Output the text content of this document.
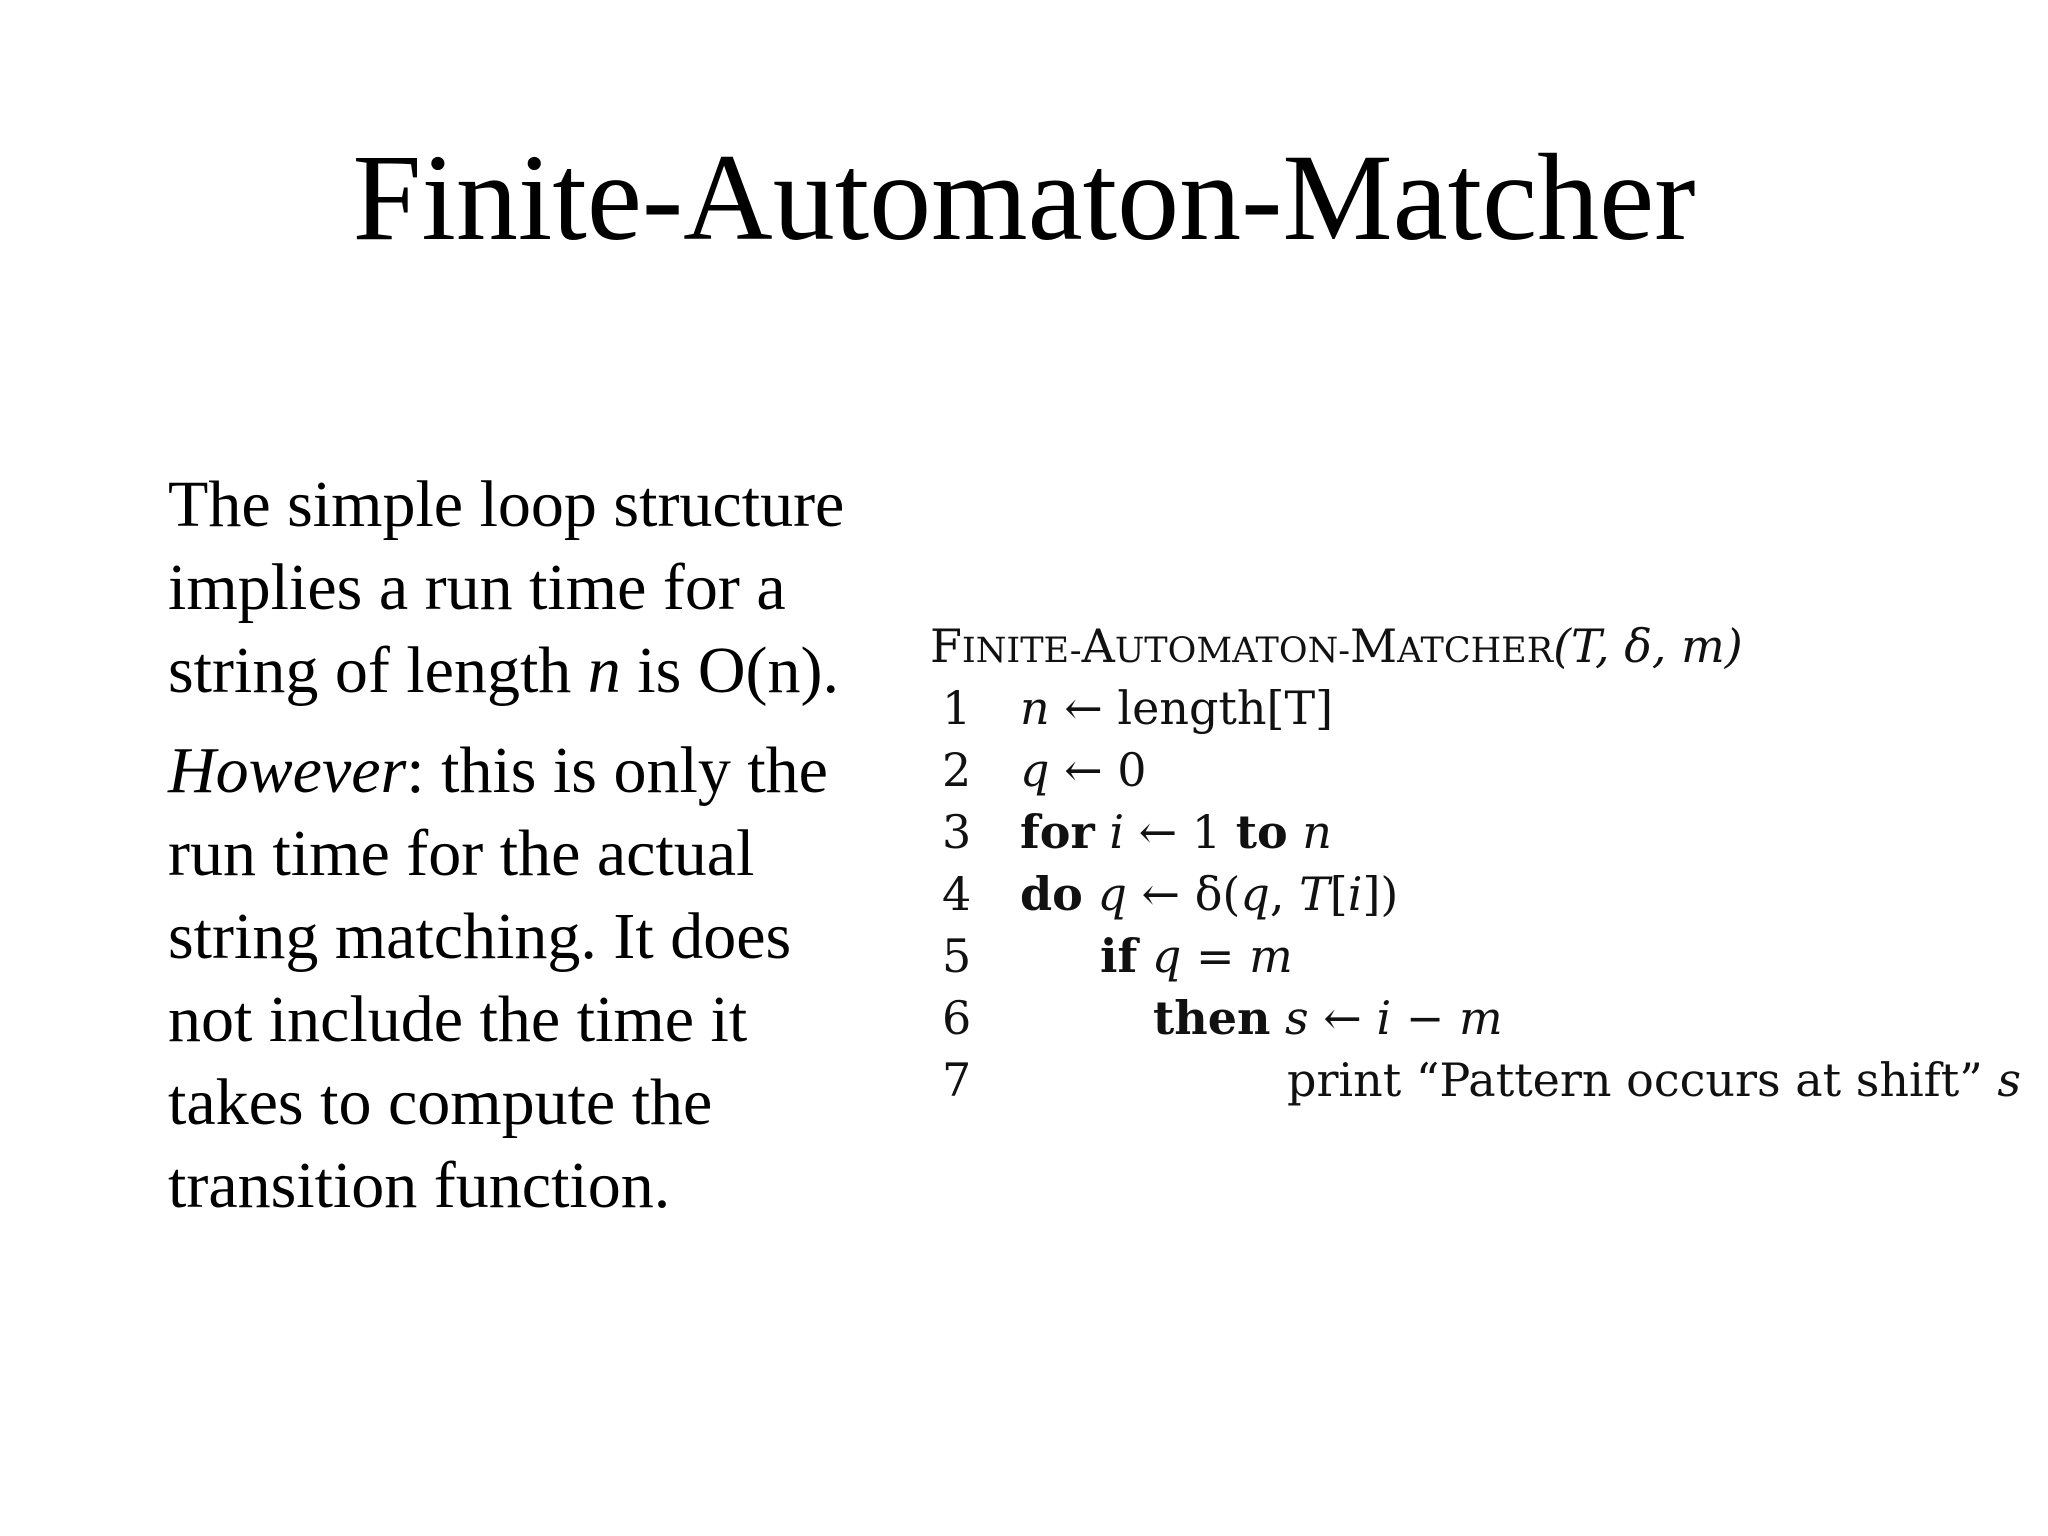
Finite-Automaton-Matcher

The simple loop structure
implies a run time for a
string of length n is O(n).

However: this is only the
run time for the actual
string matching. It does
not include the time it
takes to compute the
transition function.

FINITE-AUTOMATON-MATCHER(T, δ, m)
1 n ← length[T]
2 q ← 0
3 for i ← 1 to n
4 do q ← δ(q, T[i])
5	if q = m
6	then s ← i − m
7	print “Pattern occurs at shift” s
